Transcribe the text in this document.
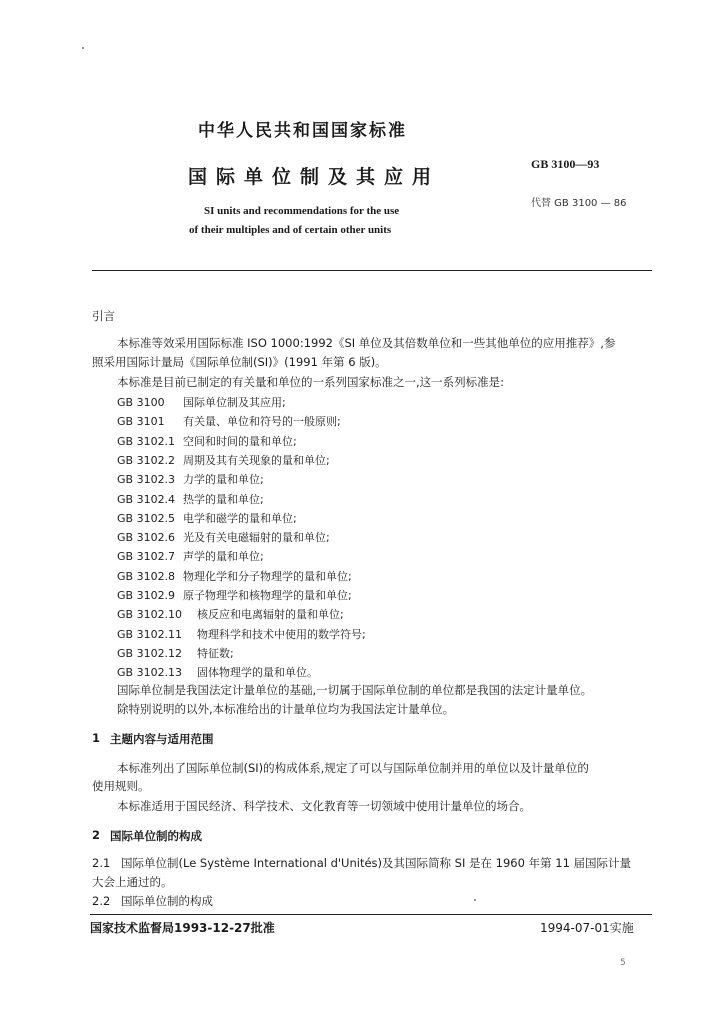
中华人民共和国国家标准
国际单位制及其应用
SI units and recommendations for the use
of their multiples and of certain other units
GB 3100—93
代替 GB 3100 — 86
引言
本标准等效采用国际标准 ISO 1000:1992《SI 单位及其倍数单位和一些其他单位的应用推荐》,参
照采用国际计量局《国际单位制(SI)》(1991 年第 6 版)。
本标准是目前已制定的有关量和单位的一系列国家标准之一,这一系列标准是:
GB 3100 国际单位制及其应用;
GB 3101 有关量、单位和符号的一般原则;
GB 3102.1 空间和时间的量和单位;
GB 3102.2 周期及其有关现象的量和单位;
GB 3102.3 力学的量和单位;
GB 3102.4 热学的量和单位;
GB 3102.5 电学和磁学的量和单位;
GB 3102.6 光及有关电磁辐射的量和单位;
GB 3102.7 声学的量和单位;
GB 3102.8 物理化学和分子物理学的量和单位;
GB 3102.9 原子物理学和核物理学的量和单位;
GB 3102.10 核反应和电离辐射的量和单位;
GB 3102.11 物理科学和技术中使用的数学符号;
GB 3102.12 特征数;
GB 3102.13 固体物理学的量和单位。
国际单位制是我国法定计量单位的基础,一切属于国际单位制的单位都是我国的法定计量单位。
除特别说明的以外,本标准给出的计量单位均为我国法定计量单位。
1 主题内容与适用范围
本标准列出了国际单位制(SI)的构成体系,规定了可以与国际单位制并用的单位以及计量单位的
使用规则。
本标准适用于国民经济、科学技术、文化教育等一切领域中使用计量单位的场合。
2 国际单位制的构成
2.1 国际单位制(Le Système International d'Unités)及其国际简称 SI 是在 1960 年第 11 届国际计量
大会上通过的。
2.2 国际单位制的构成
国家技术监督局1993-12-27批准	1994-07-01实施
5
